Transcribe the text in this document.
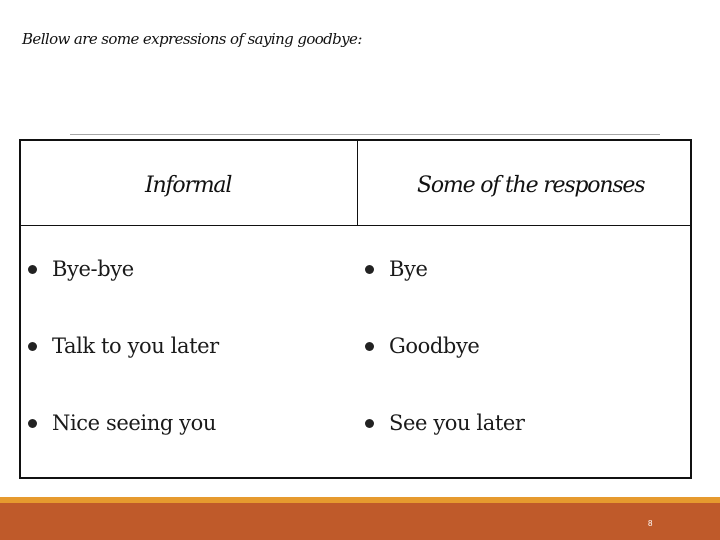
Bellow are some expressions of saying goodbye:
Informal	Some of the responses
Bye-bye
Talk to you later
Nice seeing you
Bye
Goodbye
See you later
8
